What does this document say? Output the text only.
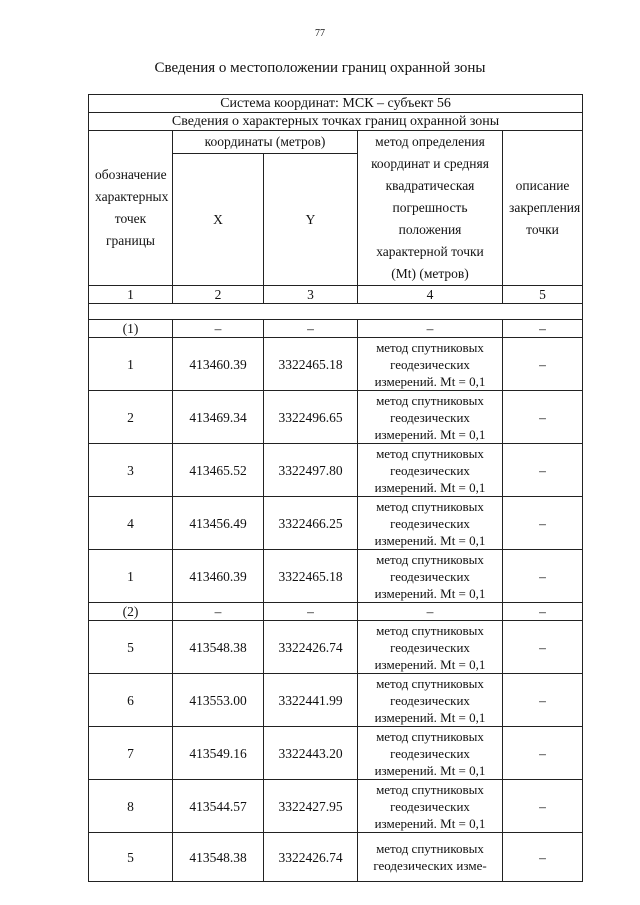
77
Сведения о местоположении границ охранной зоны
Система координат: МСК – субъект 56				
Сведения о характерных точках границ охранной зоны				

обозначение характерных точек границы	координаты (метров)		метод определения координат и средняя квадратическая погрешность положения характерной точки (Mt) (метров)	описание закрепления точки

	X	Y		
1	2	3	4	5

(1)	–	–	–	–
1	413460.39	3322465.18	метод спутниковых геодезических измерений. Mt = 0,1	–
2	413469.34	3322496.65	метод спутниковых геодезических измерений. Mt = 0,1	–
3	413465.52	3322497.80	метод спутниковых геодезических измерений. Mt = 0,1	–
4	413456.49	3322466.25	метод спутниковых геодезических измерений. Mt = 0,1	–
1	413460.39	3322465.18	метод спутниковых геодезических измерений. Mt = 0,1	–
(2)	–	–	–	–
5	413548.38	3322426.74	метод спутниковых геодезических измерений. Mt = 0,1	–
6	413553.00	3322441.99	метод спутниковых геодезических измерений. Mt = 0,1	–
7	413549.16	3322443.20	метод спутниковых геодезических измерений. Mt = 0,1	–
8	413544.57	3322427.95	метод спутниковых геодезических измерений. Mt = 0,1	–
5	413548.38	3322426.74	метод спутниковых геодезических изме-	–
